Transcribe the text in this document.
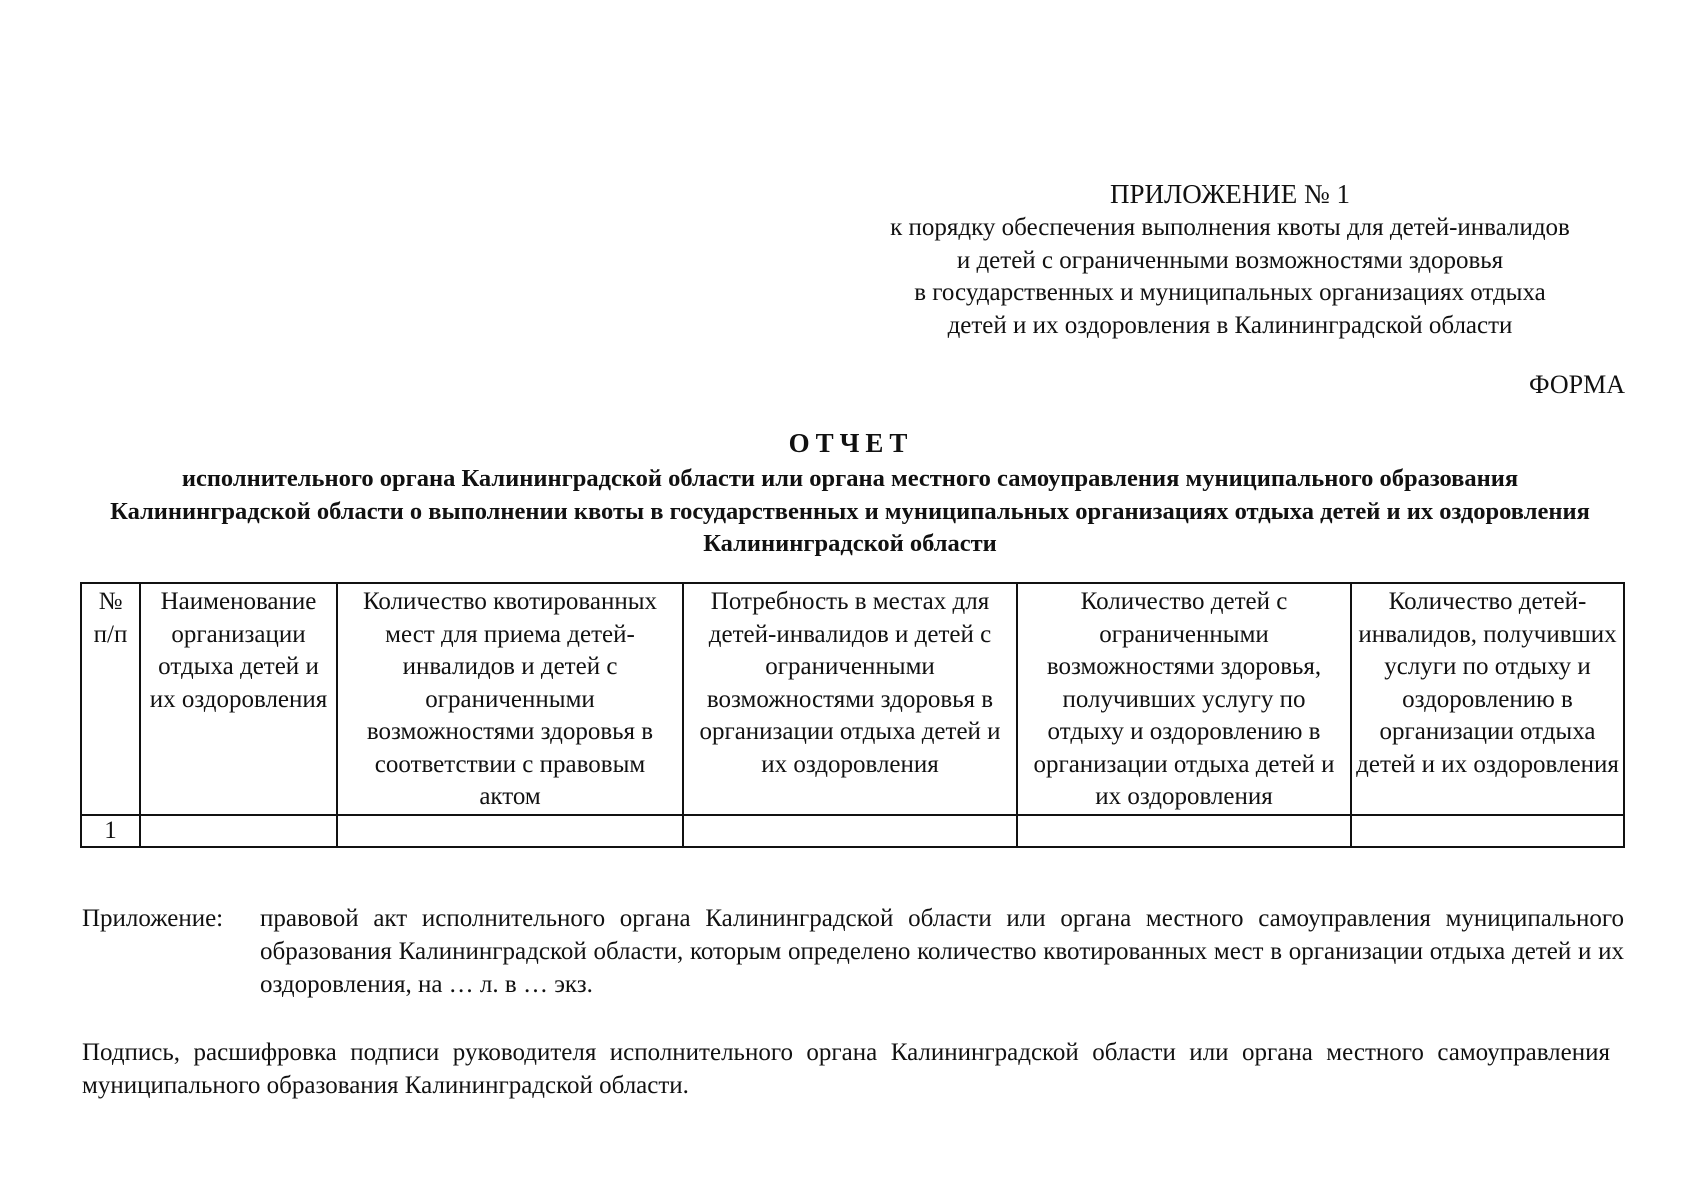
ПРИЛОЖЕНИЕ № 1
к порядку обеспечения выполнения квоты для детей-инвалидов
и детей с ограниченными возможностями здоровья
в государственных и муниципальных организациях отдыха
детей и их оздоровления в Калининградской области
ФОРМА
ОТЧЕТ
исполнительного органа Калининградской области или органа местного самоуправления муниципального образования Калининградской области о выполнении квоты в государственных и муниципальных организациях отдыха детей и их оздоровления Калининградской области
№ п/п	Наименование организации отдыха детей и их оздоровления	Количество квотированных мест для приема детей-инвалидов и детей с ограниченными возможностями здоровья в соответствии с правовым актом	Потребность в местах для детей-инвалидов и детей с ограниченными возможностями здоровья в организации отдыха детей и их оздоровления	Количество детей с ограниченными возможностями здоровья, получивших услугу по отдыху и оздоровлению в организации отдыха детей и их оздоровления	Количество детей-инвалидов, получивших услуги по отдыху и оздоровлению в организации отдыха детей и их оздоровления
1					
Приложение:	правовой акт исполнительного органа Калининградской области или органа местного самоуправления муниципального образования Калининградской области, которым определено количество квотированных мест в организации отдыха детей и их оздоровления, на … л. в … экз.
Подпись, расшифровка подписи руководителя исполнительного органа Калининградской области или органа местного самоуправления муниципального образования Калининградской области.
